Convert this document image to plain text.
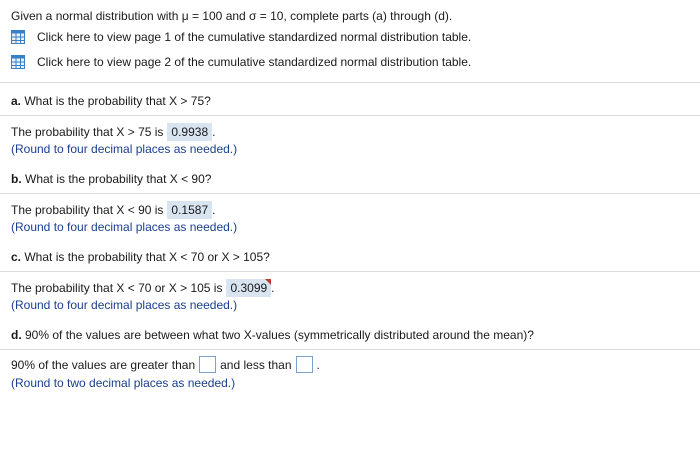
Given a normal distribution with μ = 100 and σ = 10, complete parts (a) through (d).
Click here to view page 1 of the cumulative standardized normal distribution table.
Click here to view page 2 of the cumulative standardized normal distribution table.
a. What is the probability that X > 75?
The probability that X > 75 is 0.9938 .
(Round to four decimal places as needed.)
b. What is the probability that X < 90?
The probability that X < 90 is 0.1587 .
(Round to four decimal places as needed.)
c. What is the probability that X < 70 or X > 105?
The probability that X < 70 or X > 105 is 0.3099 .
(Round to four decimal places as needed.)
d. 90% of the values are between what two X-values (symmetrically distributed around the mean)?
90% of the values are greater than and less than .
(Round to two decimal places as needed.)
